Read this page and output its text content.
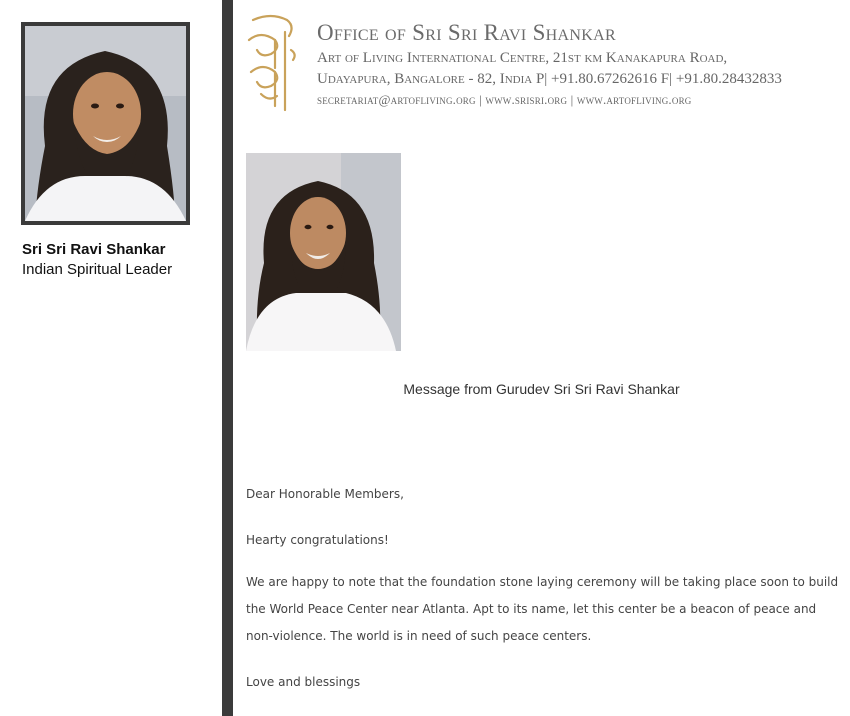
Sri Sri Ravi Shankar
Indian Spiritual Leader
Office of Sri Sri Ravi Shankar
Art of Living International Centre, 21st km Kanakapura Road,
Udayapura, Bangalore - 82, India P| +91.80.67262616 F| +91.80.28432833
secretariat@artofliving.org | www.srisri.org | www.artofliving.org
Message from Gurudev Sri Sri Ravi Shankar
Dear Honorable Members,
Hearty congratulations!
We are happy to note that the foundation stone laying ceremony will be taking place soon to build the World Peace Center near Atlanta. Apt to its name, let this center be a beacon of peace and non-violence. The world is in need of such peace centers.
Love and blessings
